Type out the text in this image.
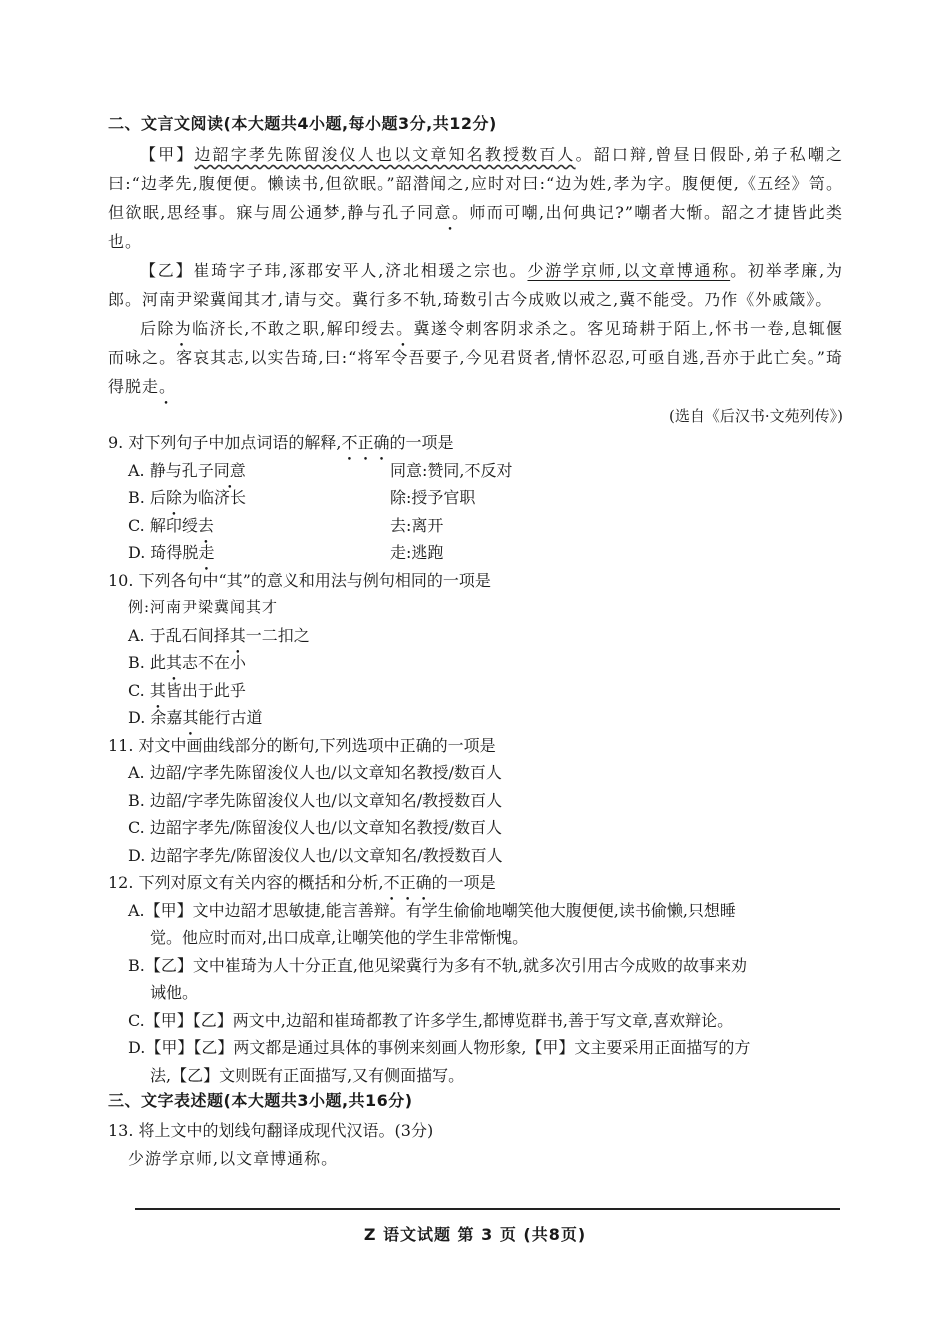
二、文言文阅读(本大题共4小题,每小题3分,共12分)

【甲】边韶字孝先陈留浚仪人也以文章知名教授数百人。韶口辩,曾昼日假卧,弟子私嘲之曰:“边孝先,腹便便。懒读书,但欲眠。”韶潜闻之,应时对曰:“边为姓,孝为字。腹便便,《五经》笥。但欲眠,思经事。寐与周公通梦,静与孔子同意。师而可嘲,出何典记?”嘲者大惭。韶之才捷皆此类也。

【乙】崔琦字子玮,涿郡安平人,济北相瑗之宗也。少游学京师,以文章博通称。初举孝廉,为郎。河南尹梁冀闻其才,请与交。冀行多不轨,琦数引古今成败以戒之,冀不能受。乃作《外戚箴》。

后除为临济长,不敢之职,解印绶去。冀遂令刺客阴求杀之。客见琦耕于陌上,怀书一卷,息辄偃而咏之。客哀其志,以实告琦,曰:“将军令吾要子,今见君贤者,情怀忍忍,可亟自逃,吾亦于此亡矣。”琦得脱走。

(选自《后汉书·文苑列传》)

9. 对下列句子中加点词语的解释,不正确的一项是

A. 静与孔子同意	同意:赞同,不反对
B. 后除为临济长	除:授予官职
C. 解印绶去	去:离开
D. 琦得脱走	走:逃跑

10. 下列各句中“其”的意义和用法与例句相同的一项是

例:河南尹梁冀闻其才

A. 于乱石间择其一二扣之

B. 此其志不在小

C. 其皆出于此乎

D. 余嘉其能行古道

11. 对文中画曲线部分的断句,下列选项中正确的一项是

A. 边韶/字孝先陈留浚仪人也/以文章知名教授/数百人

B. 边韶/字孝先陈留浚仪人也/以文章知名/教授数百人

C. 边韶字孝先/陈留浚仪人也/以文章知名教授/数百人

D. 边韶字孝先/陈留浚仪人也/以文章知名/教授数百人

12. 下列对原文有关内容的概括和分析,不正确的一项是

A.【甲】文中边韶才思敏捷,能言善辩。有学生偷偷地嘲笑他大腹便便,读书偷懒,只想睡

觉。他应时而对,出口成章,让嘲笑他的学生非常惭愧。

B.【乙】文中崔琦为人十分正直,他见梁冀行为多有不轨,就多次引用古今成败的故事来劝

诫他。

C.【甲】【乙】两文中,边韶和崔琦都教了许多学生,都博览群书,善于写文章,喜欢辩论。

D.【甲】【乙】两文都是通过具体的事例来刻画人物形象,【甲】文主要采用正面描写的方

法,【乙】文则既有正面描写,又有侧面描写。

三、文字表述题(本大题共3小题,共16分)

13. 将上文中的划线句翻译成现代汉语。(3分)

少游学京师,以文章博通称。

Z 语文试题 第 3 页 (共8页)
